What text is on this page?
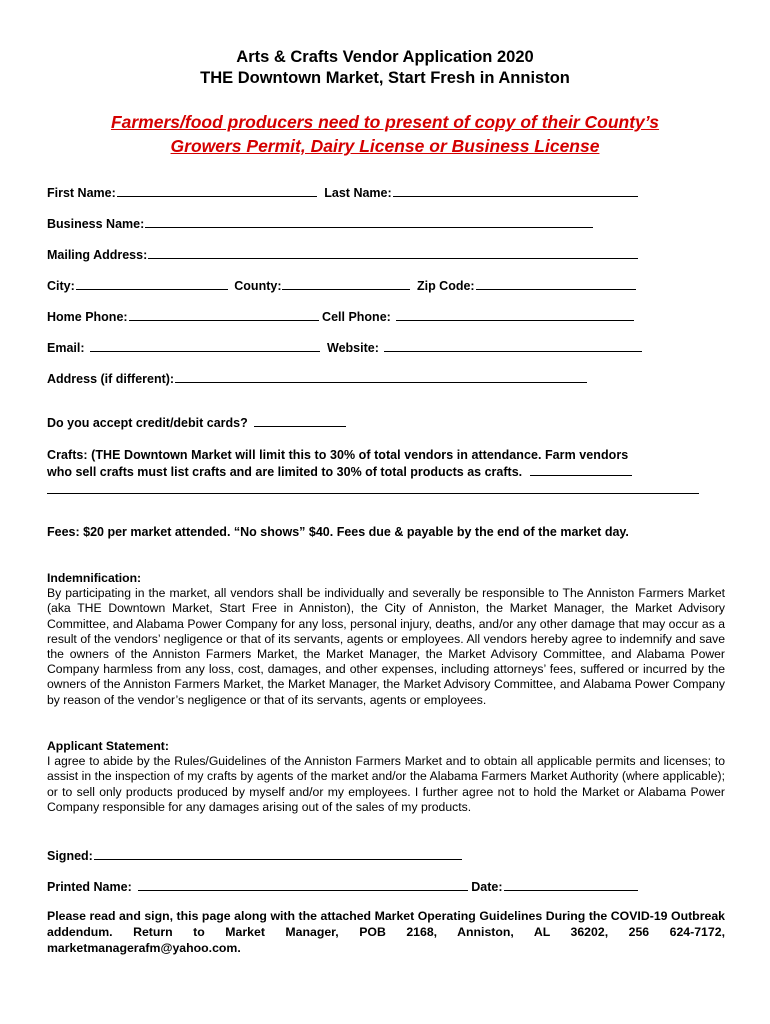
Arts & Crafts Vendor Application 2020
THE Downtown Market, Start Fresh in Anniston
Farmers/food producers need to present of copy of their County’s
Growers Permit, Dairy License or Business License
First Name:	Last Name:
Business Name:
Mailing Address:
City:	County:	Zip Code:
Home Phone:	Cell Phone:
Email:	Website:
Address (if different):
Do you accept credit/debit cards?
Crafts: (THE Downtown Market will limit this to 30% of total vendors in attendance. Farm vendors
who sell crafts must list crafts and are limited to 30% of total products as crafts.
Fees: $20 per market attended. “No shows” $40. Fees due & payable by the end of the market day.
Indemnification:
By participating in the market, all vendors shall be individually and severally be responsible to The Anniston Farmers Market (aka THE Downtown Market, Start Free in Anniston), the City of Anniston, the Market Manager, the Market Advisory Committee, and Alabama Power Company for any loss, personal injury, deaths, and/or any other damage that may occur as a result of the vendors’ negligence or that of its servants, agents or employees. All vendors hereby agree to indemnify and save the owners of the Anniston Farmers Market, the Market Manager, the Market Advisory Committee, and Alabama Power Company harmless from any loss, cost, damages, and other expenses, including attorneys’ fees, suffered or incurred by the owners of the Anniston Farmers Market, the Market Manager, the Market Advisory Committee, and Alabama Power Company by reason of the vendor’s negligence or that of its servants, agents or employees.
Applicant Statement:
I agree to abide by the Rules/Guidelines of the Anniston Farmers Market and to obtain all applicable permits and licenses; to assist in the inspection of my crafts by agents of the market and/or the Alabama Farmers Market Authority (where applicable); or to sell only products produced by myself and/or my employees. I further agree not to hold the Market or Alabama Power Company responsible for any damages arising out of the sales of my products.
Signed:
Printed Name:	Date:
Please read and sign, this page along with the attached Market Operating Guidelines During the COVID-19 Outbreak addendum. Return to Market Manager, POB 2168, Anniston, AL 36202, 256 624-7172, marketmanagerafm@yahoo.com.
